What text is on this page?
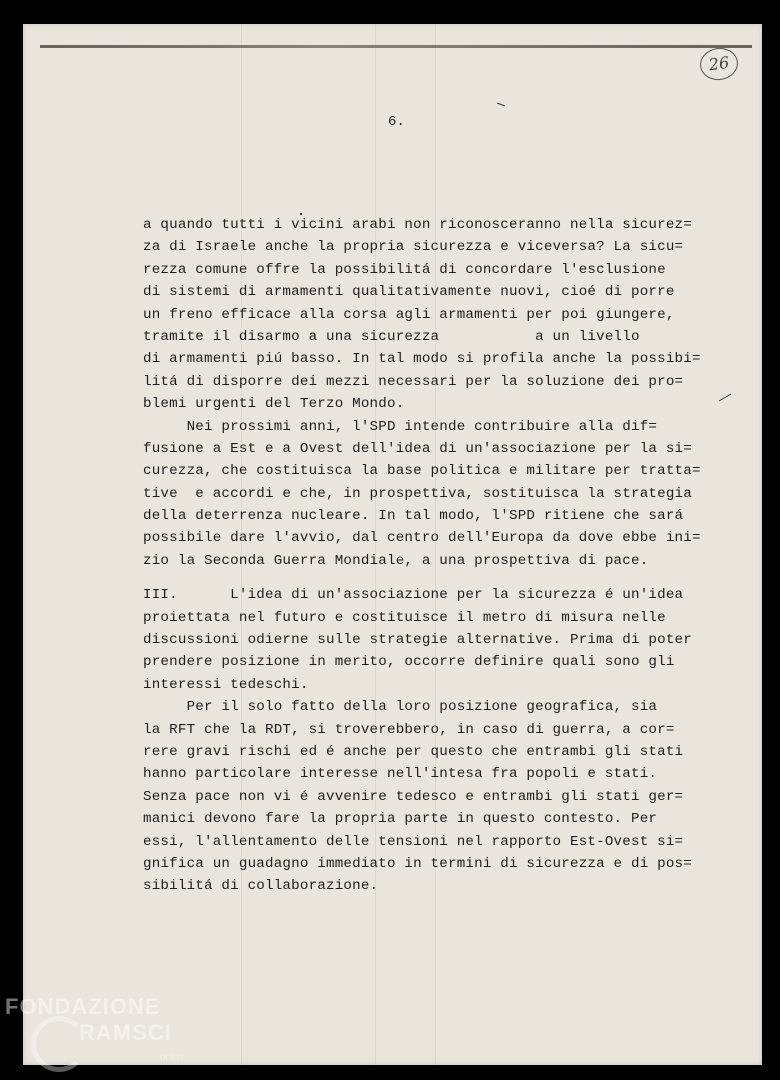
26
6.
a quando tutti i vicini arabi non riconosceranno nella sicurez=
za di Israele anche la propria sicurezza e viceversa? La sicu=
rezza comune offre la possibilitá di concordare l'esclusione
di sistemi di armamenti qualitativamente nuovi, cioé di porre
un freno efficace alla corsa agli armamenti per poi giungere,
tramite il disarmo a una sicurezza           a un livello
di armamenti piú basso. In tal modo si profila anche la possibi=
litá di disporre dei mezzi necessari per la soluzione dei pro=
blemi urgenti del Terzo Mondo.
Nei prossimi anni, l'SPD intende contribuire alla dif=
fusione a Est e a Ovest dell'idea di un'associazione per la si=
curezza, che costituisca la base politica e militare per tratta=
tive  e accordi e che, in prospettiva, sostituisca la strategia
della deterrenza nucleare. In tal modo, l'SPD ritiene che sará
possibile dare l'avvio, dal centro dell'Europa da dove ebbe ini=
zio la Seconda Guerra Mondiale, a una prospettiva di pace.
III.      L'idea di un'associazione per la sicurezza é un'idea
proiettata nel futuro e costituisce il metro di misura nelle
discussioni odierne sulle strategie alternative. Prima di poter
prendere posizione in merito, occorre definire quali sono gli
interessi tedeschi.
Per il solo fatto della loro posizione geografica, sia
la RFT che la RDT, si troverebbero, in caso di guerra, a cor=
rere gravi rischi ed é anche per questo che entrambi gli stati
hanno particolare interesse nell'intesa fra popoli e stati.
Senza pace non vi é avvenire tedesco e entrambi gli stati ger=
manici devono fare la propria parte in questo contesto. Per
essi, l'allentamento delle tensioni nel rapporto Est-Ovest si=
gnifica un guadagno immediato in termini di sicurezza e di pos=
sibilitá di collaborazione.
FONDAZIONE
RAMSCI
onlus
